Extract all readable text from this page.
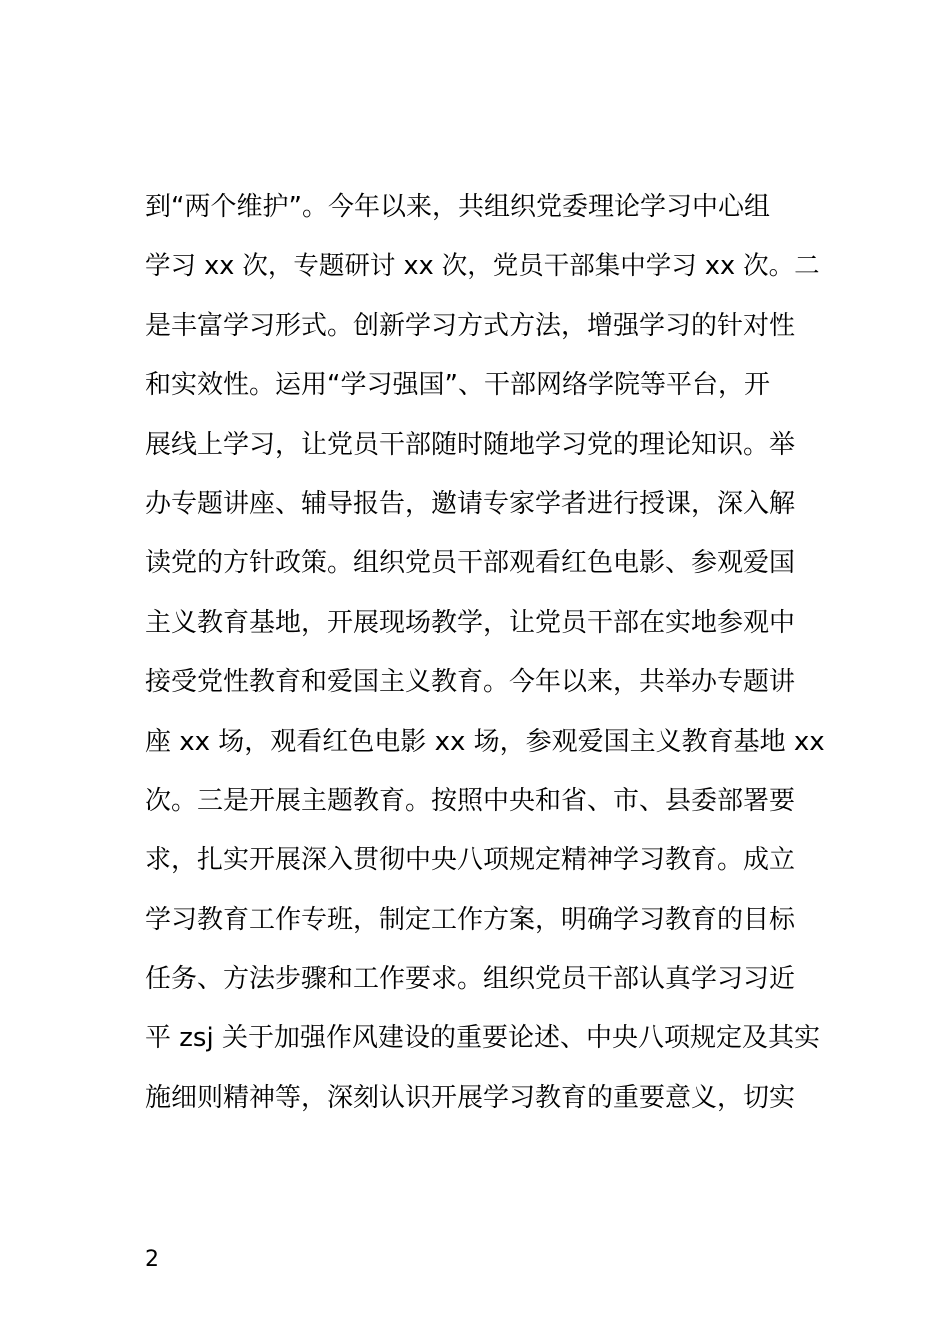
到“两个维护”。今年以来，共组织党委理论学习中心组
学习 xx 次，专题研讨 xx 次，党员干部集中学习 xx 次。二
是丰富学习形式。创新学习方式方法，增强学习的针对性
和实效性。运用“学习强国”、干部网络学院等平台，开
展线上学习，让党员干部随时随地学习党的理论知识。举
办专题讲座、辅导报告，邀请专家学者进行授课，深入解
读党的方针政策。组织党员干部观看红色电影、参观爱国
主义教育基地，开展现场教学，让党员干部在实地参观中
接受党性教育和爱国主义教育。今年以来，共举办专题讲
座 xx 场，观看红色电影 xx 场，参观爱国主义教育基地 xx
次。三是开展主题教育。按照中央和省、市、县委部署要
求，扎实开展深入贯彻中央八项规定精神学习教育。成立
学习教育工作专班，制定工作方案，明确学习教育的目标
任务、方法步骤和工作要求。组织党员干部认真学习习近
平 zsj 关于加强作风建设的重要论述、中央八项规定及其实
施细则精神等，深刻认识开展学习教育的重要意义，切实
2
